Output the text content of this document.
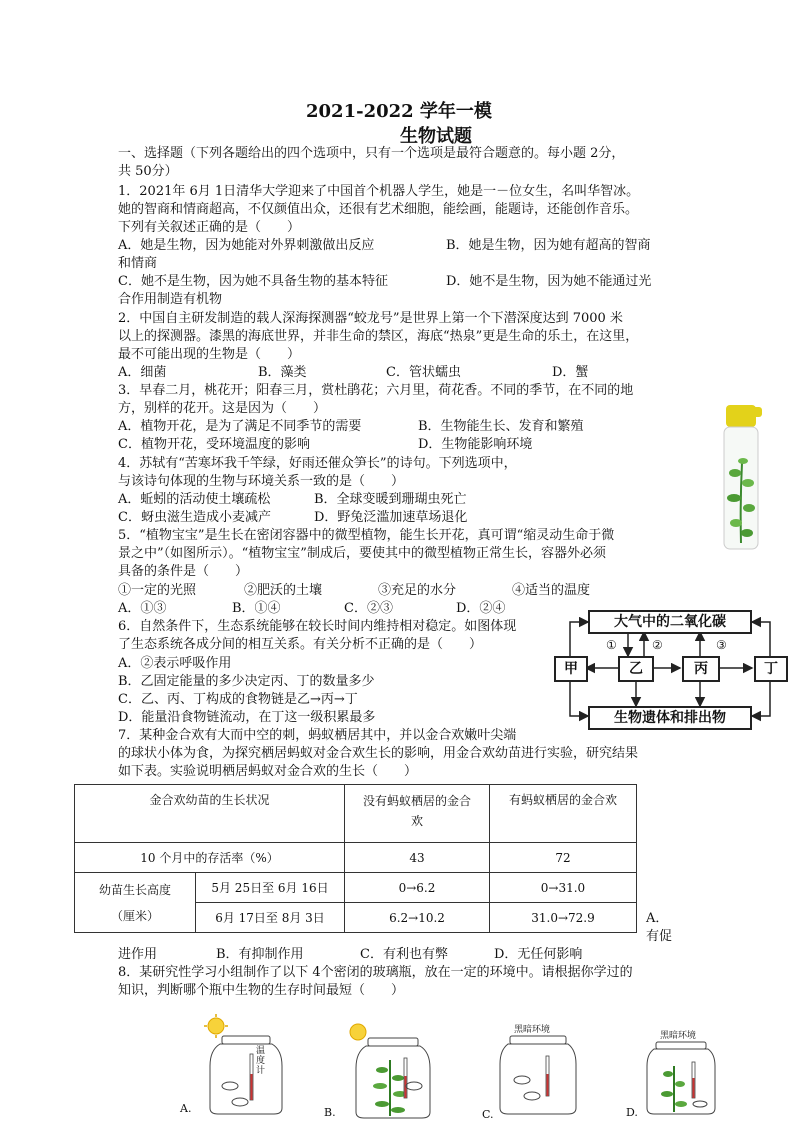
2021-2022 学年一模
生物试题
一、选择题（下列各题给出的四个选项中，只有一个选项是最符合题意的。每小题 2分，
共 50分）
1．2021年 6月 1日清华大学迎来了中国首个机器人学生，她是一－位女生，名叫华智冰。
她的智商和情商超高，不仅颜值出众，还很有艺术细胞，能绘画，能题诗，还能创作音乐。
下列有关叙述正确的是（　　）
A．她是生物，因为她能对外界刺激做出反应	B．她是生物，因为她有超高的智商
和情商
C．她不是生物，因为她不具备生物的基本特征	D．她不是生物，因为她不能通过光
合作用制造有机物
2．中国自主研发制造的载人深海探测器“蛟龙号”是世界上第一个下潜深度达到 7000 米
以上的探测器。漆黑的海底世界，并非生命的禁区，海底“热泉”更是生命的乐土，在这里，
最不可能出现的生物是（　　）
A．细菌	B．藻类	C．管状蠕虫	D．蟹
3．早春二月，桃花开；阳春三月，赏杜鹃花；六月里，荷花香。不同的季节，在不同的地
方，别样的花开。这是因为（　　）
A．植物开花，是为了满足不同季节的需要	B．生物能生长、发育和繁殖
C．植物开花，受环境温度的影响	D．生物能影响环境
4．苏轼有“苦寒坏我千竿绿，好雨还催众笋长”的诗句。下列选项中，
与该诗句体现的生物与环境关系一致的是（　　）
A．蚯蚓的活动使土壤疏松	B．全球变暖到珊瑚虫死亡
C．蚜虫滋生造成小麦减产	D．野兔泛滥加速草场退化
5．“植物宝宝”是生长在密闭容器中的微型植物，能生长开花，真可谓“缩灵动生命于微
景之中”（如图所示）。“植物宝宝”制成后，要使其中的微型植物正常生长，容器外必须
具备的条件是（　　）
①一定的光照	②肥沃的土壤	③充足的水分	④适当的温度
A．①③	B．①④	C．②③	D．②④
6．自然条件下，生态系统能够在较长时间内维持相对稳定。如图体现
了生态系统各成分间的相互关系。有关分析不正确的是（　　）
A．②表示呼吸作用
B．乙固定能量的多少决定丙、丁的数量多少
C．乙、丙、丁构成的食物链是乙→丙→丁
D．能量沿食物链流动，在丁这一级积累最多
大气中的二氧化碳
生物遗体和排出物
甲	乙	丙	丁
①	②	③
7．某种金合欢有大而中空的刺，蚂蚁栖居其中，并以金合欢嫩叶尖端
的球状小体为食，为探究栖居蚂蚁对金合欢生长的影响，用金合欢幼苗进行实验，研究结果
如下表。实验说明栖居蚂蚁对金合欢的生长（　　）
金合欢幼苗的生长状况		没有蚂蚁栖居的金合
欢	有蚂蚁栖居的金合欢
10 个月中的存活率（%）		43	72
幼苗生长高度
（厘米）	5月 25日至 6月 16日	0→6.2	0→31.0
	6月 17日至 8月 3日	6.2→10.2	31.0→72.9	A．
有促
进作用	B．有抑制作用	C．有利也有弊	D．无任何影响
8．某研究性学习小组制作了以下 4个密闭的玻璃瓶，放在一定的环境中。请根据你学过的
知识，判断哪个瓶中生物的生存时间最短（　　）
温度计
A.	B.
黑暗环境
C.
黑暗环境
D.
